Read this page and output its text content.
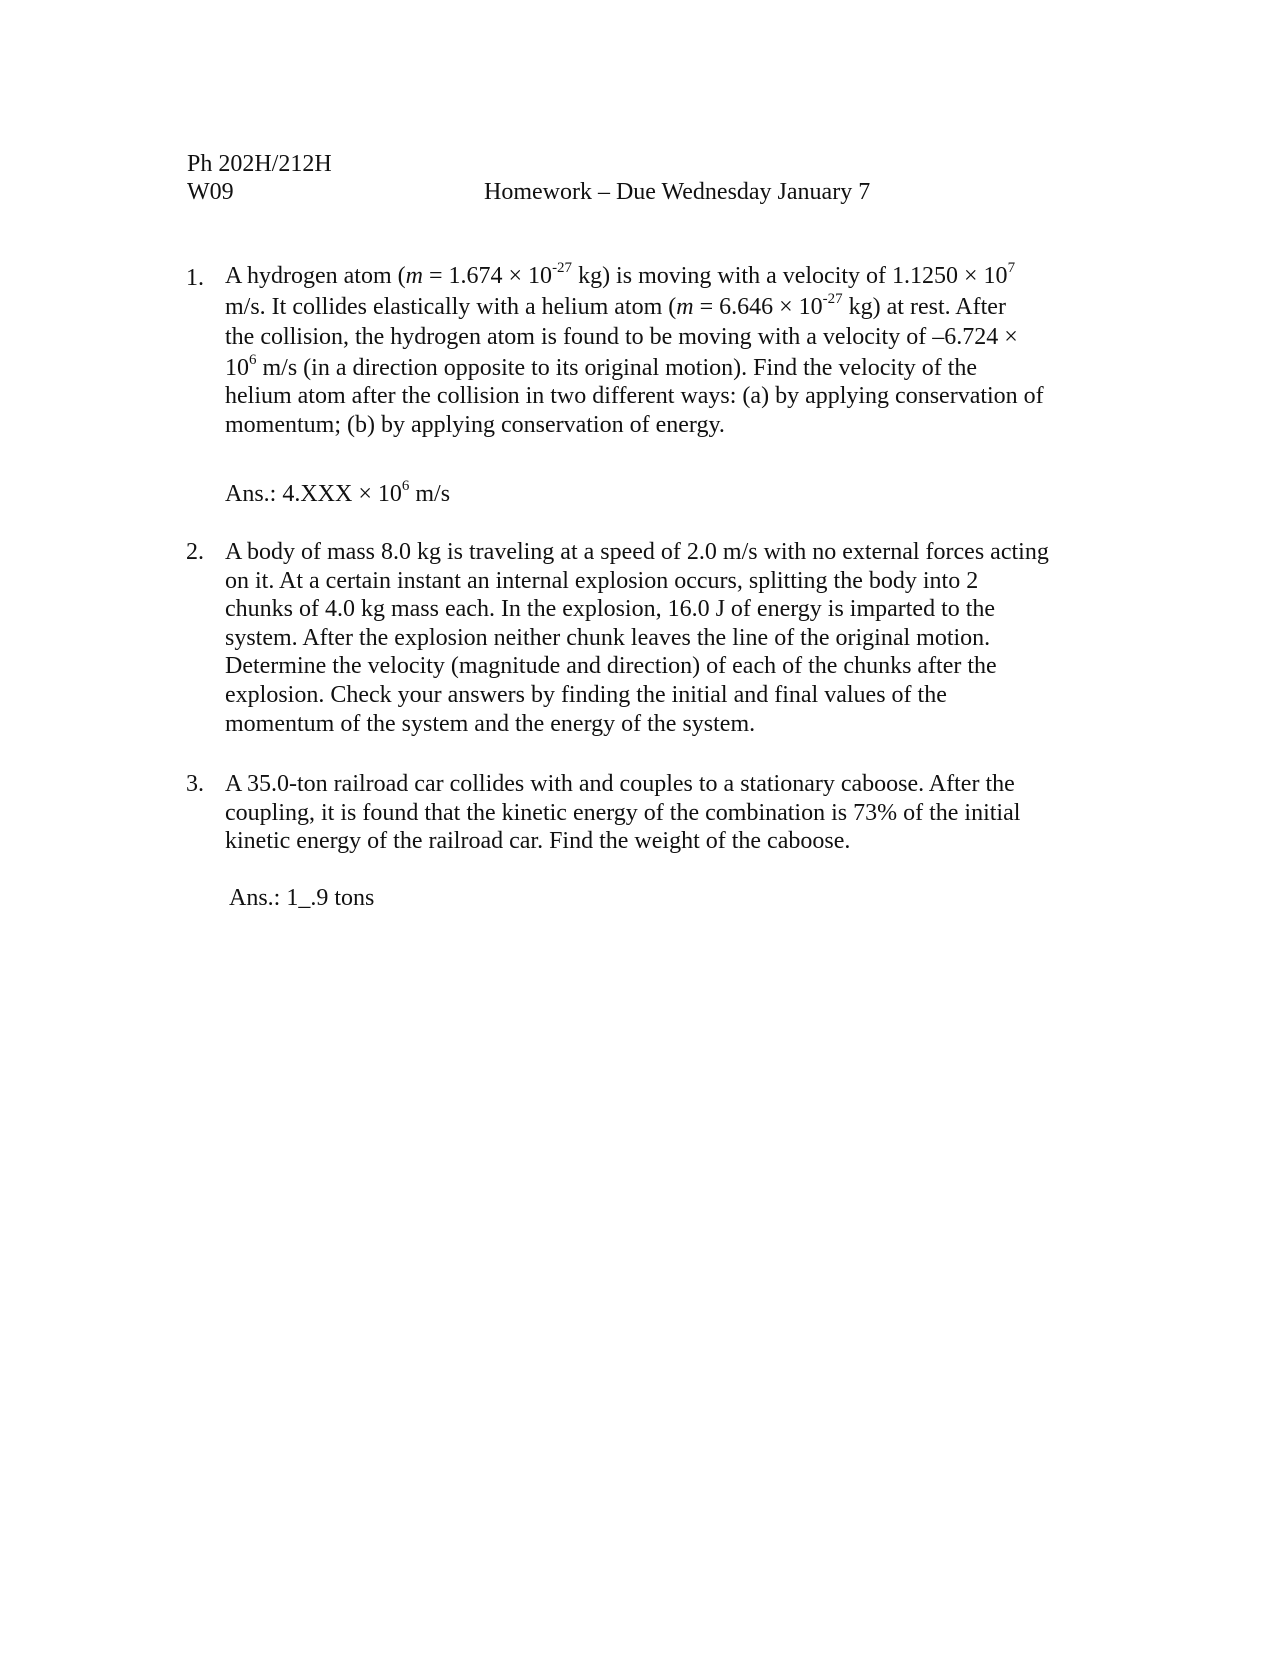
Ph 202H/212H
W09	Homework – Due Wednesday January 7
1. A hydrogen atom ($m = 1.674 \times 10^{-27}$ kg) is moving with a velocity of $1.1250 \times 10^7$
m/s. It collides elastically with a helium atom ($m = 6.646 \times 10^{-27}$ kg) at rest. After
the collision, the hydrogen atom is found to be moving with a velocity of –6.724 ×
$10^6$ m/s (in a direction opposite to its original motion). Find the velocity of the
helium atom after the collision in two different ways: (a) by applying conservation of
momentum; (b) by applying conservation of energy.
Ans.: $4.XXX \times 10^6$ m/s
2. A body of mass 8.0 kg is traveling at a speed of 2.0 m/s with no external forces acting
on it. At a certain instant an internal explosion occurs, splitting the body into 2
chunks of 4.0 kg mass each. In the explosion, 16.0 J of energy is imparted to the
system. After the explosion neither chunk leaves the line of the original motion.
Determine the velocity (magnitude and direction) of each of the chunks after the
explosion. Check your answers by finding the initial and final values of the
momentum of the system and the energy of the system.
3. A 35.0-ton railroad car collides with and couples to a stationary caboose. After the
coupling, it is found that the kinetic energy of the combination is 73% of the initial
kinetic energy of the railroad car. Find the weight of the caboose.
Ans.: 1_.9 tons
